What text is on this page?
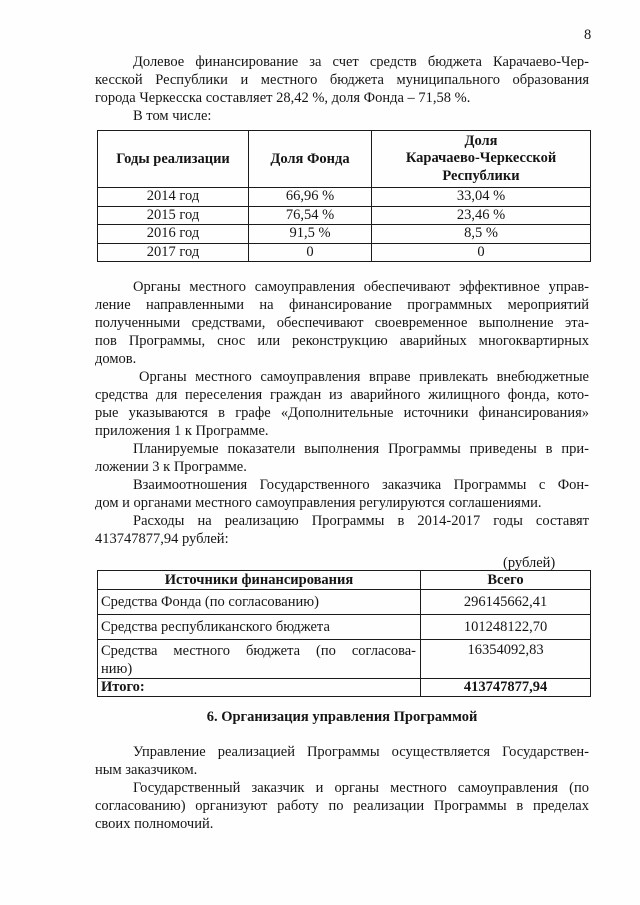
8
Долевое финансирование за счет средств бюджета Карачаево-Чер-
кесской Республики и местного бюджета муниципального образования
города Черкесска составляет 28,42 %, доля Фонда – 71,58 %.
В том числе:
Годы реализации	Доля Фонда	Доля
Карачаево-Черкесской
Республики

2014 год	66,96 %	33,04 %
2015 год	76,54 %	23,46 %
2016 год	91,5 %	8,5 %
2017 год	0	0
Органы местного самоуправления обеспечивают эффективное управ-
ление направленными на финансирование программных мероприятий
полученными средствами, обеспечивают своевременное выполнение эта-
пов Программы, снос или реконструкцию аварийных многоквартирных
домов.
Органы местного самоуправления вправе привлекать внебюджетные
средства для переселения граждан из аварийного жилищного фонда, кото-
рые указываются в графе «Дополнительные источники финансирования»
приложения 1 к Программе.
Планируемые показатели выполнения Программы приведены в при-
ложении 3 к Программе.
Взаимоотношения Государственного заказчика Программы с Фон-
дом и органами местного самоуправления регулируются соглашениями.
Расходы на реализацию Программы в 2014-2017 годы составят
413747877,94 рублей:
(рублей)
Источники финансирования	Всего

Средства Фонда (по согласованию)	296145662,41

Средства республиканского бюджета	101248122,70

Средства местного бюджета (по согласова-
нию)	16354092,83
Итого:	413747877,94
6. Организация управления Программой
Управление реализацией Программы осуществляется Государствен-
ным заказчиком.
Государственный заказчик и органы местного самоуправления (по
согласованию) организуют работу по реализации Программы в пределах
своих полномочий.
